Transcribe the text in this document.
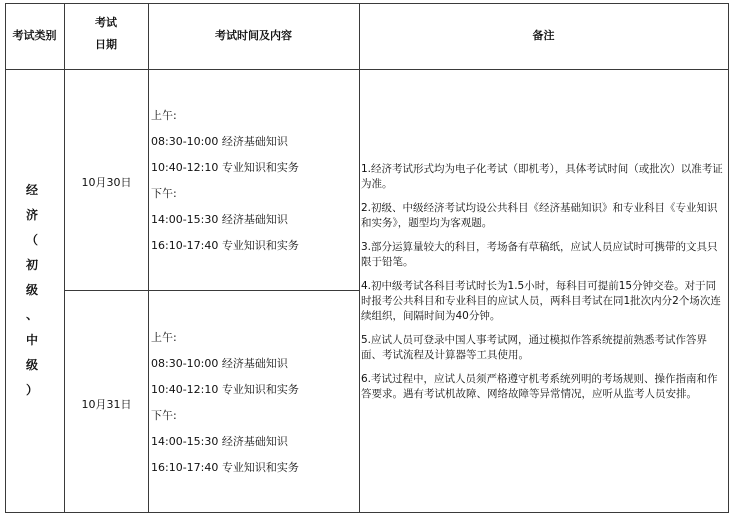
考试类别
考试
日期
考试时间及内容	备注
经
济
（
初
级
、
中
级
）
10月30日
10月31日
上午:
08:30-10:00 经济基础知识
10:40-12:10 专业知识和实务
下午:
14:00-15:30 经济基础知识
16:10-17:40 专业知识和实务
上午:
08:30-10:00 经济基础知识
10:40-12:10 专业知识和实务
下午:
14:00-15:30 经济基础知识
16:10-17:40 专业知识和实务

1.经济考试形式均为电子化考试（即机考），具体考试时间（或批次）以准考证为准。

2.初级、中级经济考试均设公共科目《经济基础知识》和专业科目《专业知识和实务》，题型均为客观题。

3.部分运算量较大的科目，考场备有草稿纸，应试人员应试时可携带的文具只限于铅笔。

4.初中级考试各科目考试时长为1.5小时，每科目可提前15分钟交卷。对于同时报考公共科目和专业科目的应试人员，两科目考试在同1批次内分2个场次连续组织，间隔时间为40分钟。

5.应试人员可登录中国人事考试网，通过模拟作答系统提前熟悉考试作答界面、考试流程及计算器等工具使用。

6.考试过程中，应试人员须严格遵守机考系统列明的考场规则、操作指南和作答要求。遇有考试机故障、网络故障等异常情况，应听从监考人员安排。
